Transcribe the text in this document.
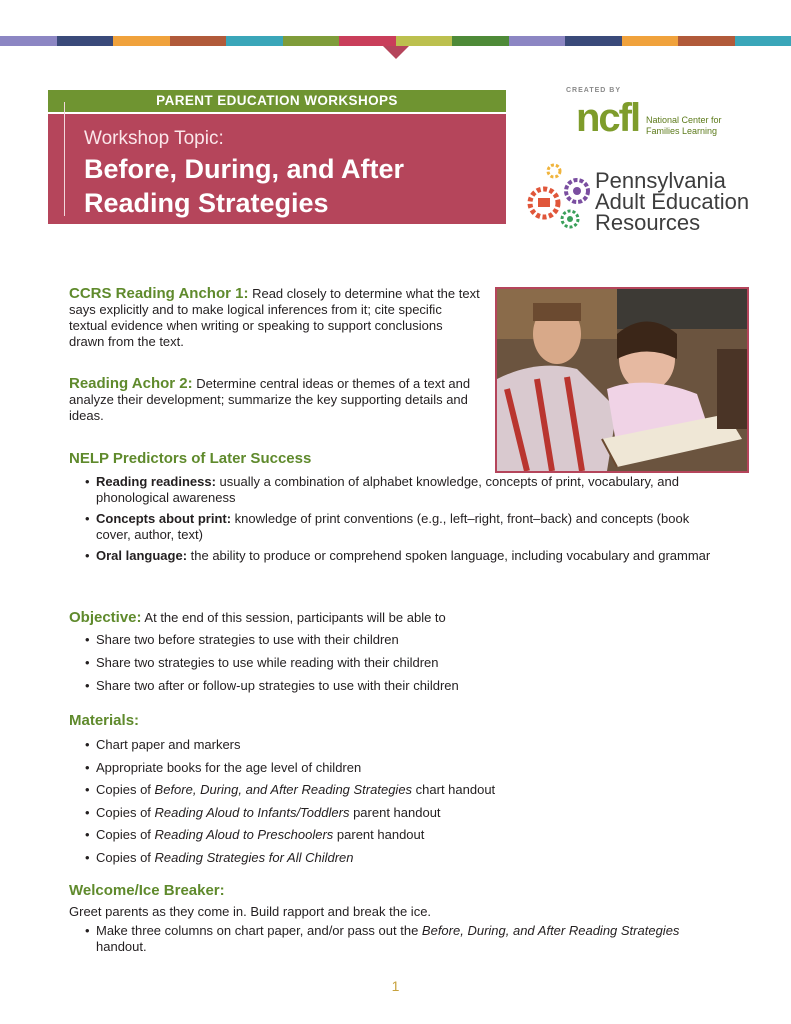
PARENT EDUCATION WORKSHOPS
Workshop Topic:
Before, During, and After
Reading Strategies
CREATED BY
ncfl National Center for
Families Learning
Pennsylvania
Adult Education
Resources
CCRS Reading Anchor 1: Read closely to determine what the text says explicitly and to make logical inferences from it; cite specific textual evidence when writing or speaking to support conclusions drawn from the text.
Reading Achor 2: Determine central ideas or themes of a text and analyze their development; summarize the key supporting details and ideas.
NELP Predictors of Later Success
• Reading readiness: usually a combination of alphabet knowledge, concepts of print, vocabulary, and phonological awareness
• Concepts about print: knowledge of print conventions (e.g., left–right, front–back) and concepts (book cover, author, text)
• Oral language: the ability to produce or comprehend spoken language, including vocabulary and grammar
Objective: At the end of this session, participants will be able to
• Share two before strategies to use with their children
• Share two strategies to use while reading with their children
• Share two after or follow-up strategies to use with their children
Materials:
• Chart paper and markers
• Appropriate books for the age level of children
• Copies of Before, During, and After Reading Strategies chart handout
• Copies of Reading Aloud to Infants/Toddlers parent handout
• Copies of Reading Aloud to Preschoolers parent handout
• Copies of Reading Strategies for All Children
Welcome/Ice Breaker:
Greet parents as they come in. Build rapport and break the ice.
• Make three columns on chart paper, and/or pass out the Before, During, and After Reading Strategies handout.
1
